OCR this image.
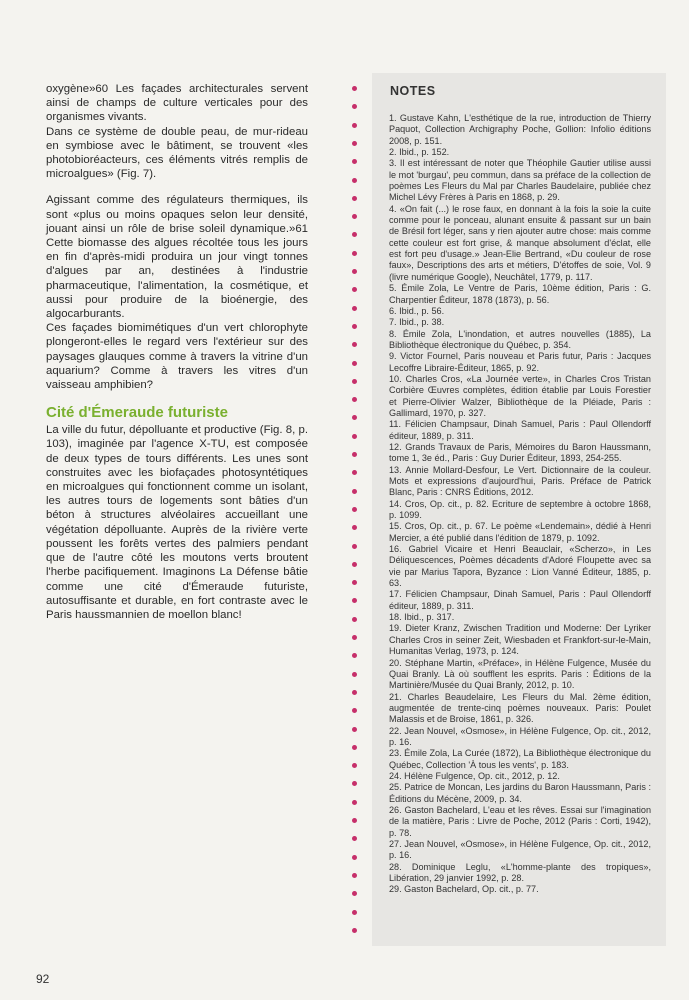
oxygène»60 Les façades architecturales servent ainsi de champs de culture verticales pour des organismes vivants.

Dans ce système de double peau, de mur-rideau en symbiose avec le bâtiment, se trouvent «les photobioréacteurs, ces éléments vitrés remplis de microalgues» (Fig. 7).

Agissant comme des régulateurs thermiques, ils sont «plus ou moins opaques selon leur densité, jouant ainsi un rôle de brise soleil dynamique.»61 Cette biomasse des algues récoltée tous les jours en fin d'après-midi produira un jour vingt tonnes d'algues par an, destinées à l'industrie pharmaceutique, l'alimentation, la cosmétique, et aussi pour produire de la bioénergie, des algocarburants.

Ces façades biomimétiques d'un vert chlorophyte plongeront-elles le regard vers l'extérieur sur des paysages glauques comme à travers la vitrine d'un aquarium? Comme à travers les vitres d'un vaisseau amphibien?

Cité d'Émeraude futuriste

La ville du futur, dépolluante et productive (Fig. 8, p. 103), imaginée par l'agence X-TU, est composée de deux types de tours différents. Les unes sont construites avec les biofaçades photosyntétiques en microalgues qui fonctionnent comme un isolant, les autres tours de logements sont bâties d'un béton à structures alvéolaires accueillant une végétation dépolluante. Auprès de la rivière verte poussent les forêts vertes des palmiers pendant que de l'autre côté les moutons verts broutent l'herbe pacifiquement. Imaginons La Défense bâtie comme une cité d'Émeraude futuriste, autosuffisante et durable, en fort contraste avec le Paris haussmannien de moellon blanc!

NOTES
1. Gustave Kahn, L'esthétique de la rue, introduction de Thierry Paquot, Collection Archigraphy Poche, Gollion: Infolio éditions 2008, p. 151.
2. Ibid., p. 152.
3. Il est intéressant de noter que Théophile Gautier utilise aussi le mot 'burgau', peu commun, dans sa préface de la collection de poèmes Les Fleurs du Mal par Charles Baudelaire, publiée chez Michel Lévy Frères à Paris en 1868, p. 29.
4. «On fait (...) le rose faux, en donnant à la fois la soie la cuite comme pour le ponceau, alunant ensuite & passant sur un bain de Brésil fort léger, sans y rien ajouter autre chose: mais comme cette couleur est fort grise, & manque absolument d'éclat, elle est fort peu d'usage.» Jean-Elie Bertrand, «Du couleur de rose faux», Descriptions des arts et métiers, D'étoffes de soie, Vol. 9 (livre numérique Google), Neuchâtel, 1779, p. 117.
5. Émile Zola, Le Ventre de Paris, 10ème édition, Paris : G. Charpentier Éditeur, 1878 (1873), p. 56.
6. Ibid., p. 56.
7. Ibid., p. 38.
8. Émile Zola, L'inondation, et autres nouvelles (1885), La Bibliothèque électronique du Québec, p. 354.
9. Victor Fournel, Paris nouveau et Paris futur, Paris : Jacques Lecoffre Libraire-Éditeur, 1865, p. 92.
10. Charles Cros, «La Journée verte», in Charles Cros Tristan Corbière Œuvres complètes, édition établie par Louis Forestier et Pierre-Olivier Walzer, Bibliothèque de la Pléiade, Paris : Gallimard, 1970, p. 327.
11. Félicien Champsaur, Dinah Samuel, Paris : Paul Ollendorff éditeur, 1889, p. 311.
12. Grands Travaux de Paris, Mémoires du Baron Haussmann, tome 1, 3e éd., Paris : Guy Durier Éditeur, 1893, 254-255.
13. Annie Mollard-Desfour, Le Vert. Dictionnaire de la couleur. Mots et expressions d'aujourd'hui, Paris. Préface de Patrick Blanc, Paris : CNRS Éditions, 2012.
14. Cros, Op. cit., p. 82. Ecriture de septembre à octobre 1868, p. 1099.
15. Cros, Op. cit., p. 67. Le poème «Lendemain», dédié à Henri Mercier, a été publié dans l'édition de 1879, p. 1092.
16. Gabriel Vicaire et Henri Beauclair, «Scherzo», in Les Déliquescences, Poèmes décadents d'Adoré Floupette avec sa vie par Marius Tapora, Byzance : Lion Vanné Éditeur, 1885, p. 63.
17. Félicien Champsaur, Dinah Samuel, Paris : Paul Ollendorff éditeur, 1889, p. 311.
18. Ibid., p. 317.
19. Dieter Kranz, Zwischen Tradition und Moderne: Der Lyriker Charles Cros in seiner Zeit, Wiesbaden et Frankfort-sur-le-Main, Humanitas Verlag, 1973, p. 124.
20. Stéphane Martin, «Préface», in Hélène Fulgence, Musée du Quai Branly. Là où soufflent les esprits. Paris : Éditions de la Martinière/Musée du Quai Branly, 2012, p. 10.
21. Charles Beaudelaire, Les Fleurs du Mal. 2ème édition, augmentée de trente-cinq poèmes nouveaux. Paris: Poulet Malassis et de Broise, 1861, p. 326.
22. Jean Nouvel, «Osmose», in Hélène Fulgence, Op. cit., 2012, p. 16.
23. Émile Zola, La Curée (1872), La Bibliothèque électronique du Québec, Collection 'À tous les vents', p. 183.
24. Hélène Fulgence, Op. cit., 2012, p. 12.
25. Patrice de Moncan, Les jardins du Baron Haussmann, Paris : Éditions du Mécène, 2009, p. 34.
26. Gaston Bachelard, L'eau et les rêves. Essai sur l'imagination de la matière, Paris : Livre de Poche, 2012 (Paris : Corti, 1942), p. 78.
27. Jean Nouvel, «Osmose», in Hélène Fulgence, Op. cit., 2012, p. 16.
28. Dominique Leglu, «L'homme-plante des tropiques», Libération, 29 janvier 1992, p. 28.
29. Gaston Bachelard, Op. cit., p. 77.
92
